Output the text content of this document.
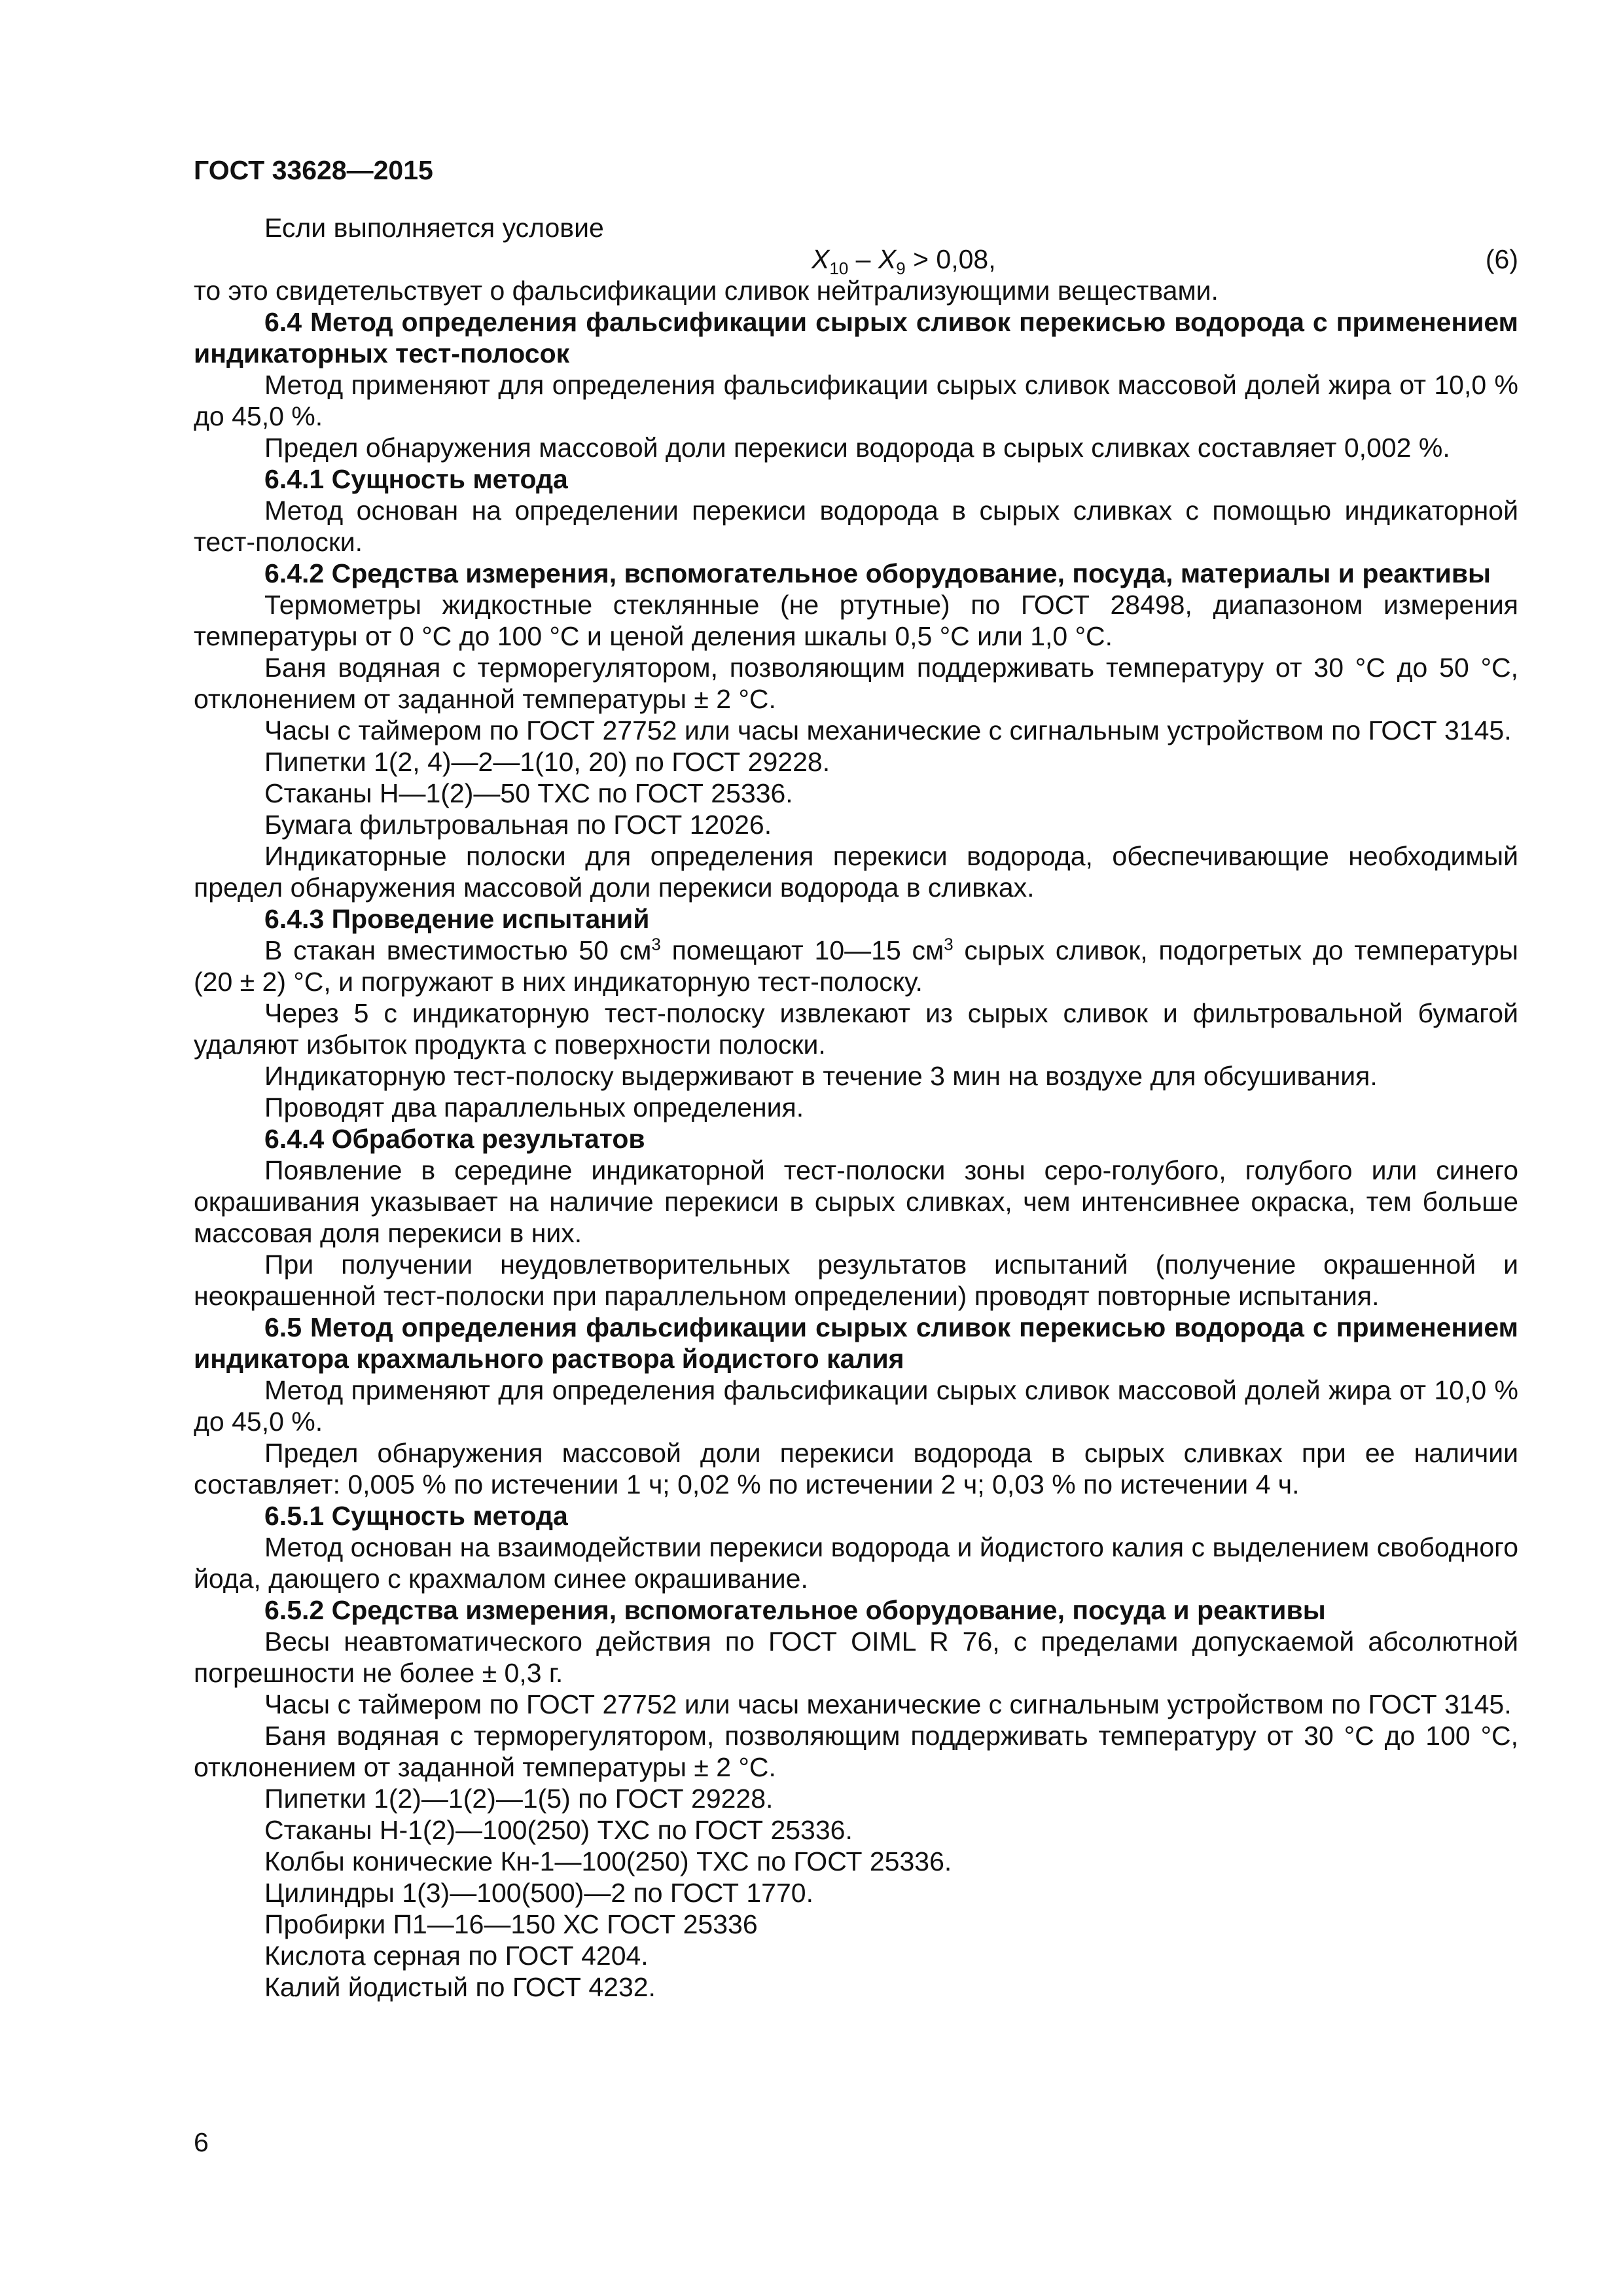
ГОСТ 33628—2015

Если выполняется условие

$X_{10} - X_9 > 0,08$,	(6)

то это свидетельствует о фальсификации сливок нейтрализующими веществами.

6.4 Метод определения фальсификации сырых сливок перекисью водорода с применением индикаторных тест-полосок

Метод применяют для определения фальсификации сырых сливок массовой долей жира от 10,0 % до 45,0 %.

Предел обнаружения массовой доли перекиси водорода в сырых сливках составляет 0,002 %.

6.4.1 Сущность метода

Метод основан на определении перекиси водорода в сырых сливках с помощью индикаторной тест-полоски.

6.4.2 Средства измерения, вспомогательное оборудование, посуда, материалы и реактивы

Термометры жидкостные стеклянные (не ртутные) по ГОСТ 28498, диапазоном измерения температуры от 0 °С до 100 °С и ценой деления шкалы 0,5 °С или 1,0 °С.

Баня водяная с терморегулятором, позволяющим поддерживать температуру от 30 °С до 50 °С, отклонением от заданной температуры ± 2 °С.

Часы с таймером по ГОСТ 27752 или часы механические с сигнальным устройством по ГОСТ 3145.

Пипетки 1(2, 4)—2—1(10, 20) по ГОСТ 29228.

Стаканы Н—1(2)—50 ТХС по ГОСТ 25336.

Бумага фильтровальная по ГОСТ 12026.

Индикаторные полоски для определения перекиси водорода, обеспечивающие необходимый предел обнаружения массовой доли перекиси водорода в сливках.

6.4.3 Проведение испытаний

В стакан вместимостью 50 $см^3$ помещают 10—15 $см^3$ сырых сливок, подогретых до температуры (20 ± 2) °С, и погружают в них индикаторную тест-полоску.

Через 5 с индикаторную тест-полоску извлекают из сырых сливок и фильтровальной бумагой удаляют избыток продукта с поверхности полоски.

Индикаторную тест-полоску выдерживают в течение 3 мин на воздухе для обсушивания.

Проводят два параллельных определения.

6.4.4 Обработка результатов

Появление в середине индикаторной тест-полоски зоны серо-голубого, голубого или синего окрашивания указывает на наличие перекиси в сырых сливках, чем интенсивнее окраска, тем больше массовая доля перекиси в них.

При получении неудовлетворительных результатов испытаний (получение окрашенной и неокрашенной тест-полоски при параллельном определении) проводят повторные испытания.

6.5 Метод определения фальсификации сырых сливок перекисью водорода с применением индикатора крахмального раствора йодистого калия

Метод применяют для определения фальсификации сырых сливок массовой долей жира от 10,0 % до 45,0 %.

Предел обнаружения массовой доли перекиси водорода в сырых сливках при ее наличии составляет: 0,005 % по истечении 1 ч; 0,02 % по истечении 2 ч; 0,03 % по истечении 4 ч.

6.5.1 Сущность метода

Метод основан на взаимодействии перекиси водорода и йодистого калия с выделением свободного йода, дающего с крахмалом синее окрашивание.

6.5.2 Средства измерения, вспомогательное оборудование, посуда и реактивы

Весы неавтоматического действия по ГОСТ OIML R 76, с пределами допускаемой абсолютной погрешности не более ± 0,3 г.

Часы с таймером по ГОСТ 27752 или часы механические с сигнальным устройством по ГОСТ 3145.

Баня водяная с терморегулятором, позволяющим поддерживать температуру от 30 °С до 100 °С, отклонением от заданной температуры ± 2 °С.

Пипетки 1(2)—1(2)—1(5) по ГОСТ 29228.

Стаканы Н-1(2)—100(250) ТХС по ГОСТ 25336.

Колбы конические Кн-1—100(250) ТХС по ГОСТ 25336.

Цилиндры 1(3)—100(500)—2 по ГОСТ 1770.

Пробирки П1—16—150 ХС ГОСТ 25336

Кислота серная по ГОСТ 4204.

Калий йодистый по ГОСТ 4232.

6
